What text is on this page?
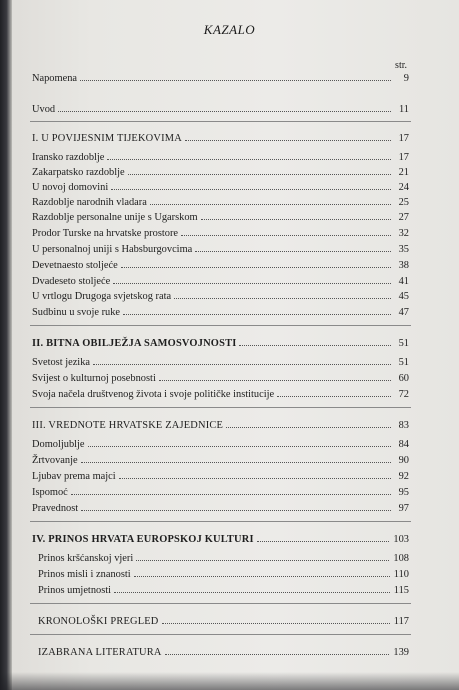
KAZALO
str.
Napomena	9
Uvod	11
I. U POVIJESNIM TIJEKOVIMA	17
Iransko razdoblje	17
Zakarpatsko razdoblje	21
U novoj domovini	24
Razdoblje narodnih vladara	25
Razdoblje personalne unije s Ugarskom	27
Prodor Turske na hrvatske prostore	32
U personalnoj uniji s Habsburgovcima	35
Devetnaesto stoljeće	38
Dvadeseto stoljeće	41
U vrtlogu Drugoga svjetskog rata	45
Sudbinu u svoje ruke	47
II. BITNA OBILJEŽJA SAMOSVOJNOSTI	51
Svetost jezika	51
Svijest o kulturnoj posebnosti	60
Svoja načela društvenog života i svoje političke institucije	72
III. VREDNOTE HRVATSKE ZAJEDNICE	83
Domoljublje	84
Žrtvovanje	90
Ljubav prema majci	92
Ispomoć	95
Pravednost	97
IV. PRINOS HRVATA EUROPSKOJ KULTURI	103
Prinos kršćanskoj vjeri	108
Prinos misli i znanosti	110
Prinos umjetnosti	115
KRONOLOŠKI PREGLED	117
IZABRANA LITERATURA	139
